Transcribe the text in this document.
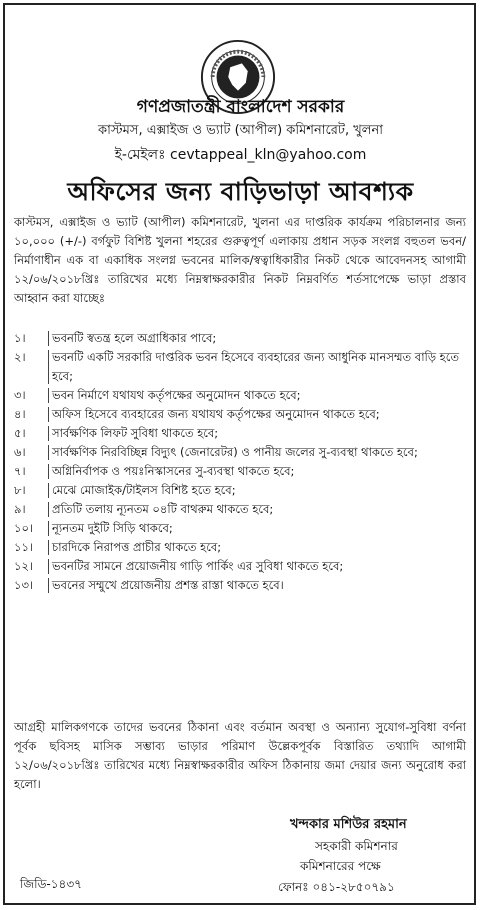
গণপ্রজাতন্ত্রী বাংলাদেশ সরকার
কাস্টমস, এক্সাইজ ও ভ্যাট (আপীল) কমিশনারেট, খুলনা
ই-মেইলঃ cevtappeal_kln@yahoo.com
অফিসের জন্য বাড়িভাড়া আবশ্যক
কাস্টমস, এক্সাইজ ও ভ্যাট (আপীল) কমিশনারেট, খুলনা এর দাপ্তরিক কার্যক্রম পরিচালনার জন্য ১০,০০০ (+/-) বর্গফুট বিশিষ্ট খুলনা শহরের গুরুত্বপূর্ণ এলাকায় প্রধান সড়ক সংলগ্ন বহুতল ভবন/নির্মাণাধীন এক বা একাধিক সংলগ্ন ভবনের মালিক/স্বত্বাধিকারীর নিকট থেকে আবেদনসহ আগামী ১২/০৬/২০১৮খ্রিঃ তারিখের মধ্যে নিম্নস্বাক্ষরকারীর নিকট নিম্নবর্ণিত শর্তসাপেক্ষে ভাড়া প্রস্তাব আহ্বান করা যাচ্ছেঃ
১।	ভবনটি স্বতন্ত্র হলে অগ্রাধিকার পাবে;
২।	ভবনটি একটি সরকারি দাপ্তরিক ভবন হিসেবে ব্যবহারের জন্য আধুনিক মানসম্মত বাড়ি হতে হবে;
৩।	ভবন নির্মাণে যথাযথ কর্তৃপক্ষের অনুমোদন থাকতে হবে;
৪।	অফিস হিসেবে ব্যবহারের জন্য যথাযথ কর্তৃপক্ষের অনুমোদন থাকতে হবে;
৫।	সার্বক্ষণিক লিফট সুবিধা থাকতে হবে;
৬।	সার্বক্ষণিক নিরবিচ্ছিন্ন বিদ্যুৎ (জেনারেটর) ও পানীয় জলের সু-ব্যবস্থা থাকতে হবে;
৭।	অগ্নিনির্বাপক ও পয়ঃনিস্কাসনের সু-ব্যবস্থা থাকতে হবে;
৮।	মেঝে মোজাইক/টাইলস বিশিষ্ট হতে হবে;
৯।	প্রতিটি তলায় ন্যূনতম ০৪টি বাথরুম থাকতে হবে;
১০।	ন্যূনতম দুইটি সিড়ি থাকবে;
১১।	চারদিকে নিরাপত্ত প্রাচীর থাকতে হবে;
১২।	ভবনটির সামনে প্রয়োজনীয় গাড়ি পার্কিং এর সুবিধা থাকতে হবে;
১৩।	ভবনের সম্মুখে প্রয়োজনীয় প্রশস্ত রাস্তা থাকতে হবে।
আগ্রহী মালিকগণকে তাদের ভবনের ঠিকানা এবং বর্তমান অবস্থা ও অন্যান্য সুযোগ-সুবিধা বর্ণনা পূর্বক ছবিসহ মাসিক সম্ভাব্য ভাড়ার পরিমাণ উল্লেকপূর্বক বিস্তারিত তথ্যাদি আগামী ১২/০৬/২০১৮খ্রিঃ তারিখের মধ্যে নিম্নস্বাক্ষরকারীর অফিস ঠিকানায় জমা দেয়ার জন্য অনুরোধ করা হলো।
খন্দকার মশিউর রহমান
সহকারী কমিশনার
কমিশনারের পক্ষে
ফোনঃ ০৪১-২৮৫০৭৯১
জিডি-১৪৩৭
